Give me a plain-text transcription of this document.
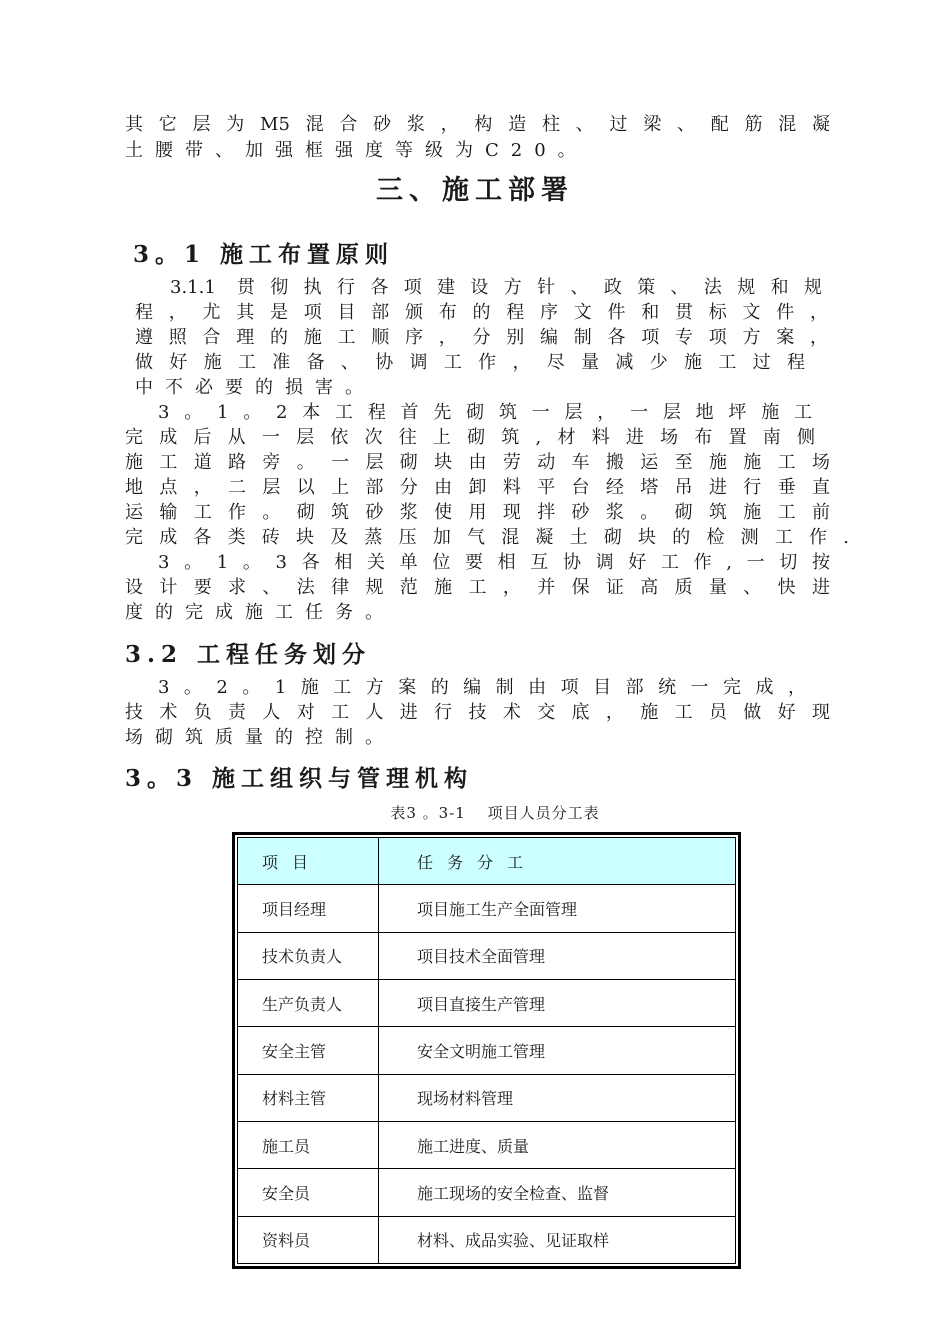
其它层为M5混合砂浆，构造柱、过梁、配筋混凝
土腰带、加强框强度等级为C20。
三、施工部署
3。1 施工布置原则
3.1.1 贯彻执行各项建设方针、政策、法规和规
程，尤其是项目部颁布的程序文件和贯标文件，
遵照合理的施工顺序，分别编制各项专项方案，
做好施工准备、协调工作，尽量减少施工过程
中不必要的损害。
3。1。2本工程首先砌筑一层，一层地坪施工
完成后从一层依次往上砌筑,材料进场布置南侧
施工道路旁。一层砌块由劳动车搬运至施施工场
地点，二层以上部分由卸料平台经塔吊进行垂直
运输工作。砌筑砂浆使用现拌砂浆。砌筑施工前
完成各类砖块及蒸压加气混凝土砌块的检测工作.
3。1。3各相关单位要相互协调好工作,一切按
设计要求、法律规范施工，并保证高质量、快进
度的完成施工任务。
3.2 工程任务划分
3。2。1施工方案的编制由项目部统一完成，
技术负责人对工人进行技术交底，施工员做好现
场砌筑质量的控制。
3。3 施工组织与管理机构
表3 。3-1　 项目人员分工表
项目	任务分工
项目经理	项目施工生产全面管理
技术负责人	项目技术全面管理
生产负责人	项目直接生产管理
安全主管	安全文明施工管理
材料主管	现场材料管理
施工员	施工进度、质量
安全员	施工现场的安全检查、监督
资料员	材料、成品实验、见证取样
